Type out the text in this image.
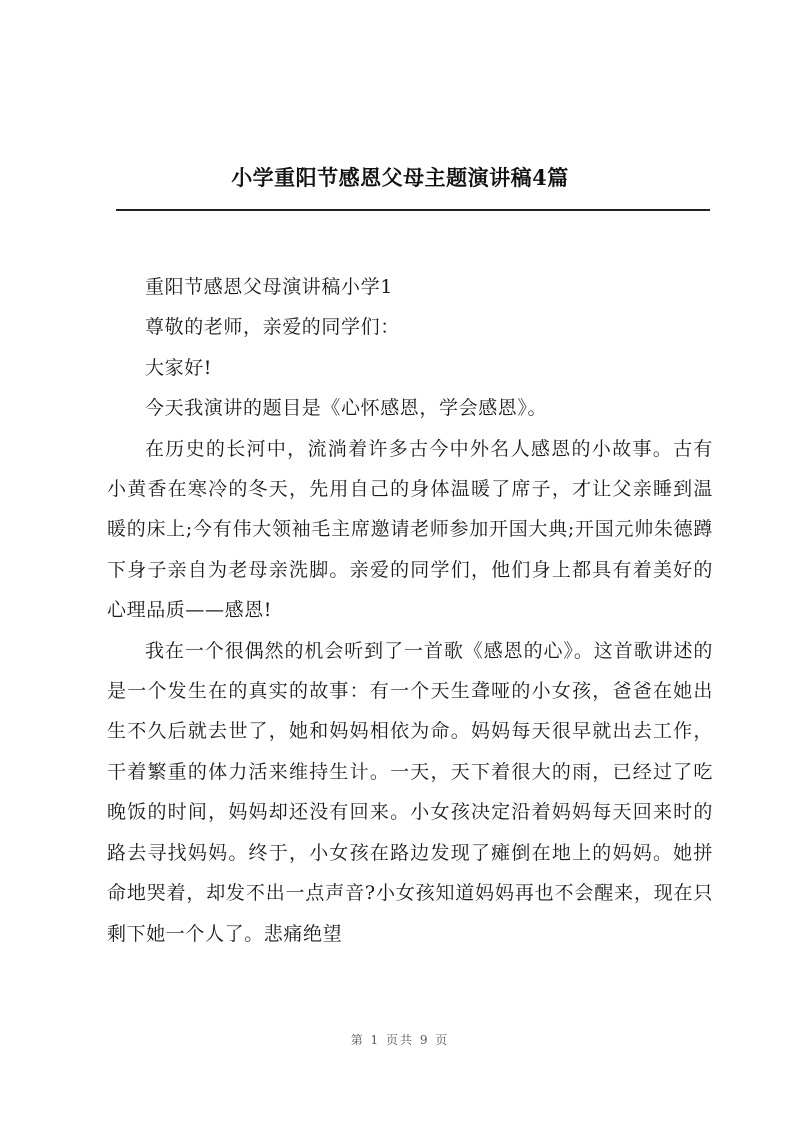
小学重阳节感恩父母主题演讲稿4篇

重阳节感恩父母演讲稿小学1

尊敬的老师，亲爱的同学们：

大家好!

今天我演讲的题目是《心怀感恩，学会感恩》。

在历史的长河中，流淌着许多古今中外名人感恩的小故事。古有小黄香在寒冷的冬天，先用自己的身体温暖了席子，才让父亲睡到温暖的床上;今有伟大领袖毛主席邀请老师参加开国大典;开国元帅朱德蹲下身子亲自为老母亲洗脚。亲爱的同学们，他们身上都具有着美好的心理品质——感恩!

我在一个很偶然的机会听到了一首歌《感恩的心》。这首歌讲述的是一个发生在的真实的故事：有一个天生聋哑的小女孩，爸爸在她出生不久后就去世了，她和妈妈相依为命。妈妈每天很早就出去工作，干着繁重的体力活来维持生计。一天，天下着很大的雨，已经过了吃晚饭的时间，妈妈却还没有回来。小女孩决定沿着妈妈每天回来时的路去寻找妈妈。终于，小女孩在路边发现了瘫倒在地上的妈妈。她拼命地哭着，却发不出一点声音?小女孩知道妈妈再也不会醒来，现在只剩下她一个人了。悲痛绝望

第 1 页共 9 页
